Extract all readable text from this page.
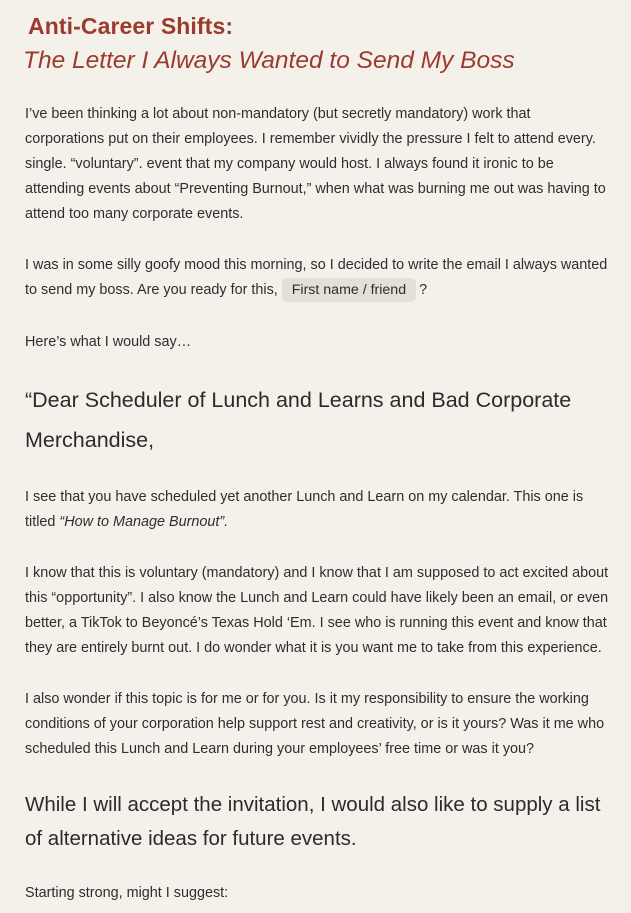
Anti-Career Shifts:
The Letter I Always Wanted to Send My Boss
I’ve been thinking a lot about non-mandatory (but secretly mandatory) work that corporations put on their employees. I remember vividly the pressure I felt to attend every. single. “voluntary”. event that my company would host. I always found it ironic to be attending events about “Preventing Burnout,” when what was burning me out was having to attend too many corporate events.
I was in some silly goofy mood this morning, so I decided to write the email I always wanted to send my boss. Are you ready for this, First name / friend ?
Here’s what I would say…
“Dear Scheduler of Lunch and Learns and Bad Corporate Merchandise,
I see that you have scheduled yet another Lunch and Learn on my calendar. This one is titled “How to Manage Burnout”.
I know that this is voluntary (mandatory) and I know that I am supposed to act excited about this “opportunity”. I also know the Lunch and Learn could have likely been an email, or even better, a TikTok to Beyoncé’s Texas Hold ‘Em. I see who is running this event and know that they are entirely burnt out. I do wonder what it is you want me to take from this experience.
I also wonder if this topic is for me or for you. Is it my responsibility to ensure the working conditions of your corporation help support rest and creativity, or is it yours? Was it me who scheduled this Lunch and Learn during your employees’ free time or was it you?
While I will accept the invitation, I would also like to supply a list of alternative ideas for future events.
Starting strong, might I suggest:
